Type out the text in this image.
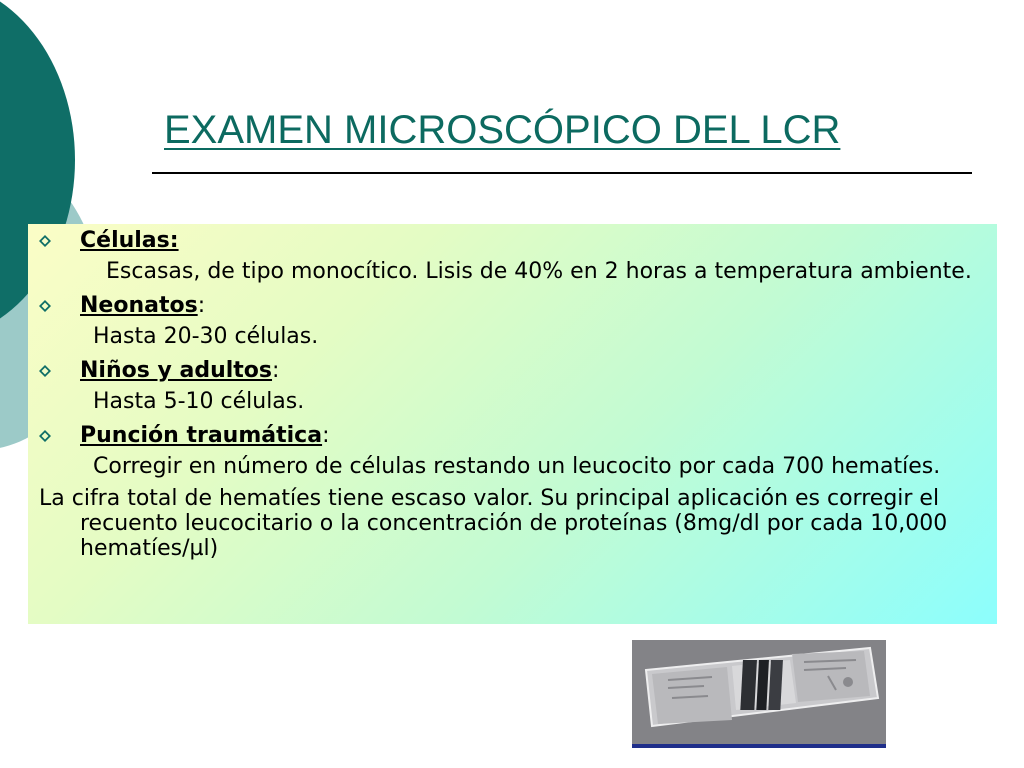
EXAMEN MICROSCÓPICO DEL LCR
Células:
Escasas, de tipo monocítico. Lisis de 40% en 2 horas a temperatura ambiente.
Neonatos:
Hasta 20-30 células.
Niños y adultos:
Hasta 5-10 células.
Punción traumática:
Corregir en número de células restando un leucocito por cada 700 hematíes.
La cifra total de hematíes tiene escaso valor. Su principal aplicación es corregir el recuento leucocitario o la concentración de proteínas (8mg/dl por cada 10,000 hematíes/µl)
